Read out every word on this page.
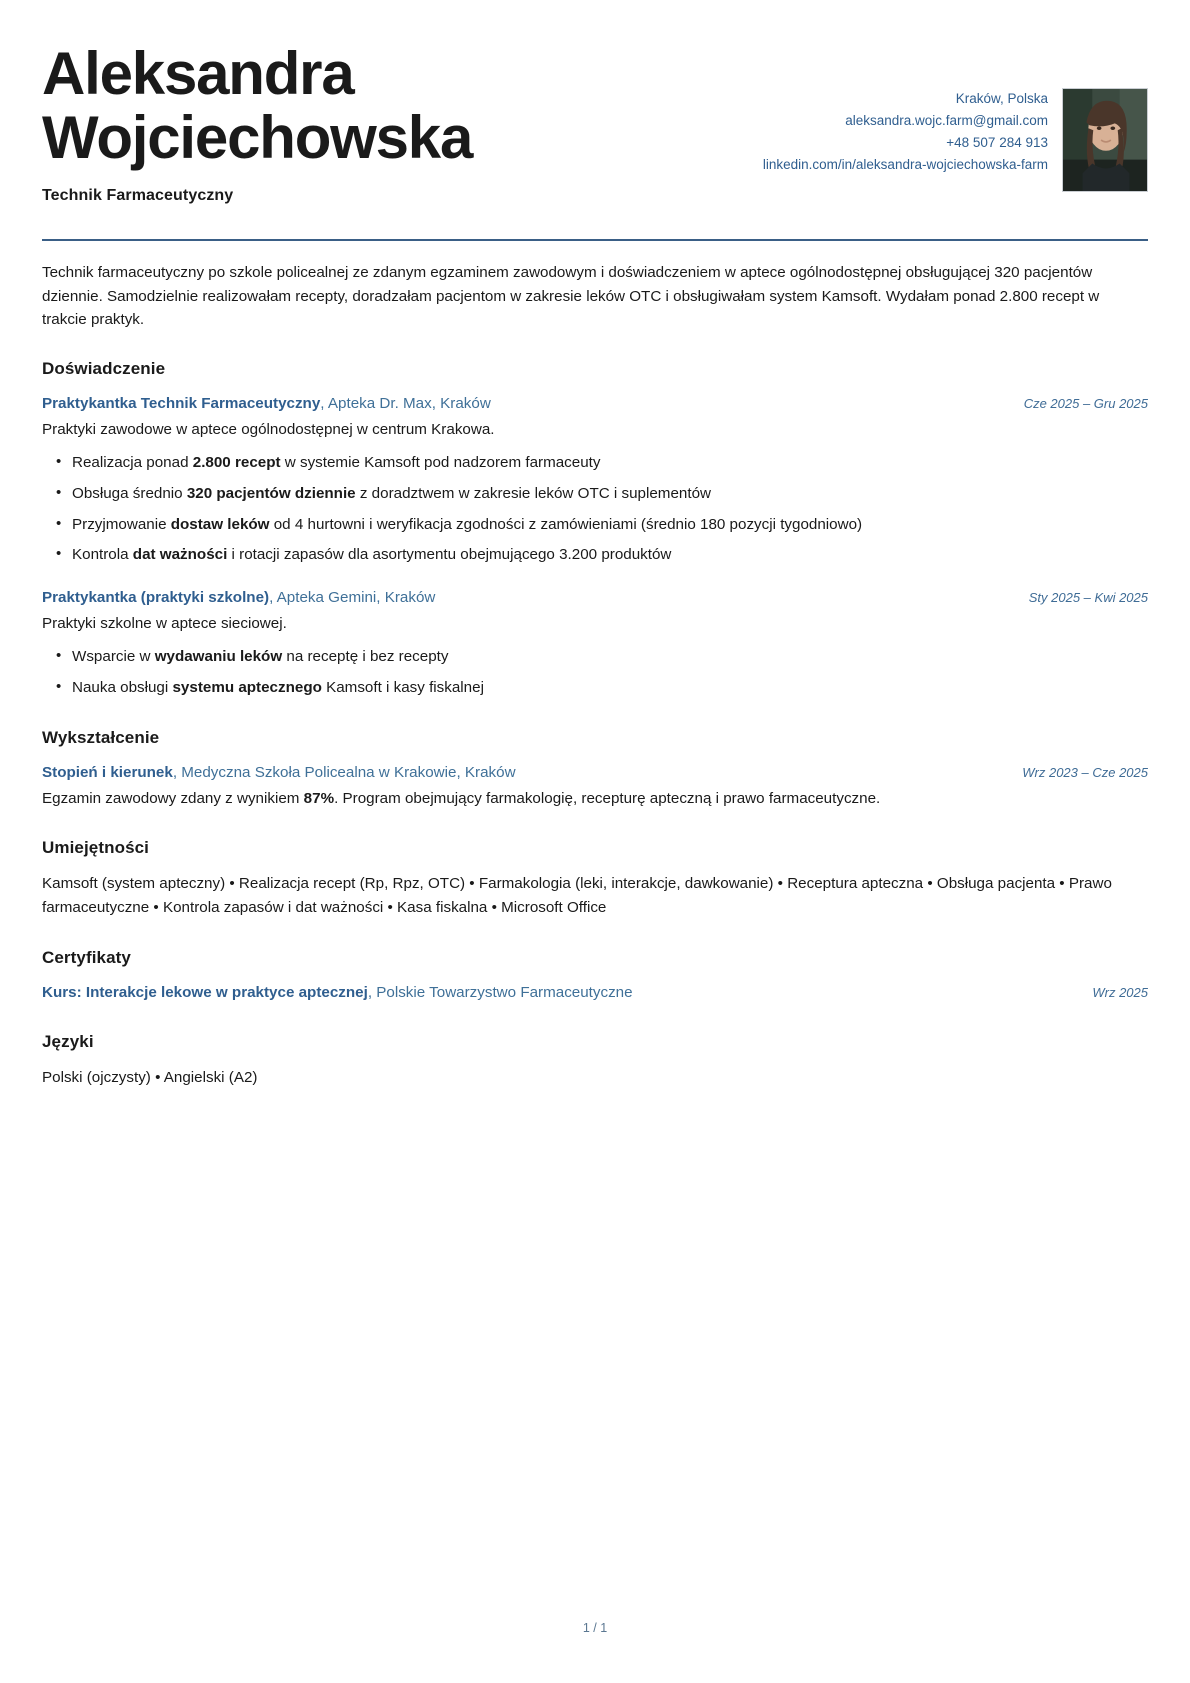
Aleksandra Wojciechowska
Technik Farmaceutyczny
Kraków, Polska
aleksandra.wojc.farm@gmail.com
+48 507 284 913
linkedin.com/in/aleksandra-wojciechowska-farm
Technik farmaceutyczny po szkole policealnej ze zdanym egzaminem zawodowym i doświadczeniem w aptece ogólnodostępnej obsługującej 320 pacjentów dziennie. Samodzielnie realizowałam recepty, doradzałam pacjentom w zakresie leków OTC i obsługiwałam system Kamsoft. Wydałam ponad 2.800 recept w trakcie praktyk.
Doświadczenie
Praktykantka Technik Farmaceutyczny, Apteka Dr. Max, Kraków	Cze 2025 – Gru 2025
Praktyki zawodowe w aptece ogólnodostępnej w centrum Krakowa.
• Realizacja ponad 2.800 recept w systemie Kamsoft pod nadzorem farmaceuty
• Obsługa średnio 320 pacjentów dziennie z doradztwem w zakresie leków OTC i suplementów
• Przyjmowanie dostaw leków od 4 hurtowni i weryfikacja zgodności z zamówieniami (średnio 180 pozycji tygodniowo)
• Kontrola dat ważności i rotacji zapasów dla asortymentu obejmującego 3.200 produktów
Praktykantka (praktyki szkolne), Apteka Gemini, Kraków	Sty 2025 – Kwi 2025
Praktyki szkolne w aptece sieciowej.
• Wsparcie w wydawaniu leków na receptę i bez recepty
• Nauka obsługi systemu aptecznego Kamsoft i kasy fiskalnej
Wykształcenie
Stopień i kierunek, Medyczna Szkoła Policealna w Krakowie, Kraków	Wrz 2023 – Cze 2025
Egzamin zawodowy zdany z wynikiem 87%. Program obejmujący farmakologię, recepturę apteczną i prawo farmaceutyczne.
Umiejętności
Kamsoft (system apteczny) • Realizacja recept (Rp, Rpz, OTC) • Farmakologia (leki, interakcje, dawkowanie) • Receptura apteczna • Obsługa pacjenta • Prawo farmaceutyczne • Kontrola zapasów i dat ważności • Kasa fiskalna • Microsoft Office
Certyfikaty
Kurs: Interakcje lekowe w praktyce aptecznej, Polskie Towarzystwo Farmaceutyczne	Wrz 2025
Języki
Polski (ojczysty) • Angielski (A2)
1 / 1
